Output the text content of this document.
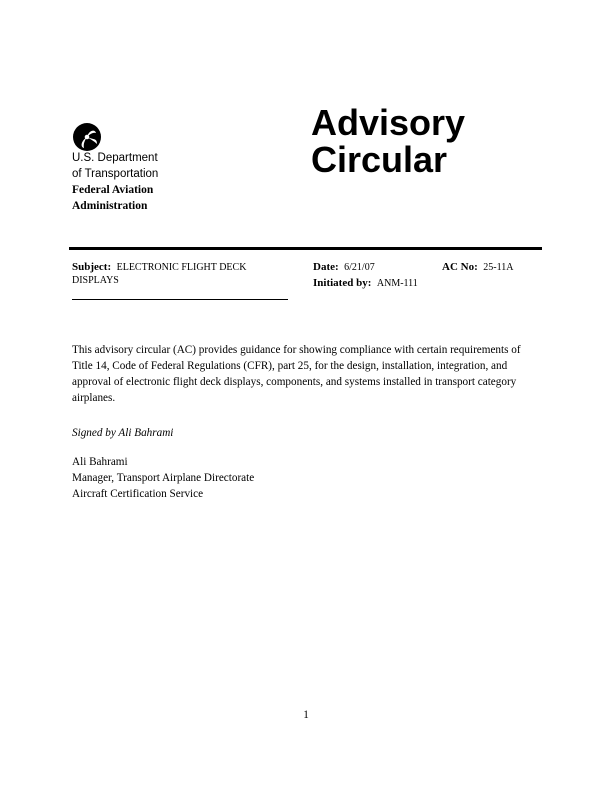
U.S. Department
of Transportation
Federal Aviation
Administration
Advisory
Circular
Subject: ELECTRONIC FLIGHT DECK DISPLAYS
Date: 6/21/07	AC No: 25-11A
Initiated by: ANM-111
This advisory circular (AC) provides guidance for showing compliance with certain requirements of Title 14, Code of Federal Regulations (CFR), part 25, for the design, installation, integration, and approval of electronic flight deck displays, components, and systems installed in transport category airplanes.
Signed by Ali Bahrami
Ali Bahrami
Manager, Transport Airplane Directorate
Aircraft Certification Service
1
